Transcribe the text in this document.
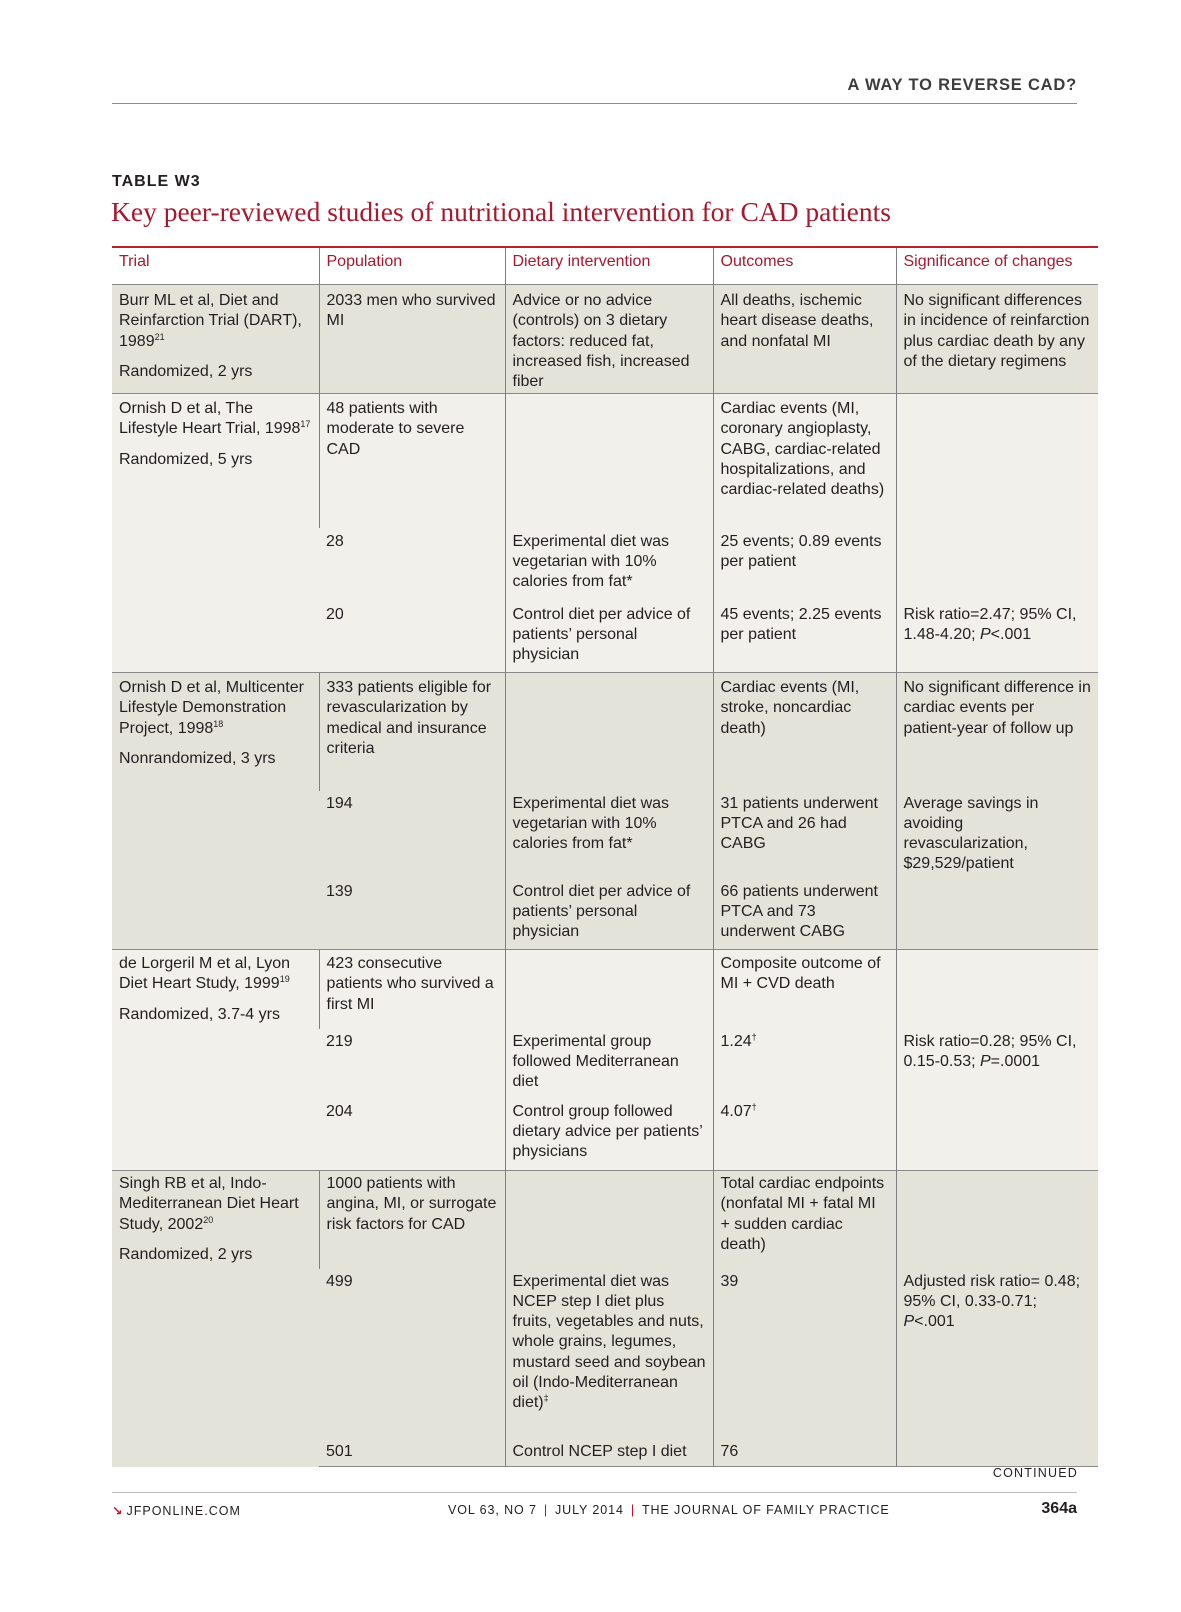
A WAY TO REVERSE CAD?
TABLE W3
Key peer-reviewed studies of nutritional intervention for CAD patients
Trial	Population	Dietary intervention	Outcomes	Significance of changes
Burr ML et al, Diet and Reinfarction Trial (DART), 1989$^{21}$
Randomized, 2 yrs	2033 men who survived MI	Advice or no advice (controls) on 3 dietary factors: reduced fat, increased fish, increased fiber	All deaths, ischemic heart disease deaths, and nonfatal MI	No significant differences in incidence of reinfarction plus cardiac death by any of the dietary regimens
Ornish D et al, The Lifestyle Heart Trial, 1998$^{17}$
Randomized, 5 yrs	48 patients with moderate to severe CAD		Cardiac events (MI, coronary angioplasty, CABG, cardiac-related hospitalizations, and cardiac-related deaths)	
	28	Experimental diet was vegetarian with 10% calories from fat*	25 events; 0.89 events per patient	
	20	Control diet per advice of patients’ personal physician	45 events; 2.25 events per patient	Risk ratio=2.47; 95% CI, 1.48-4.20; P<.001
Ornish D et al, Multicenter Lifestyle Demonstration Project, 1998$^{18}$
Nonrandomized, 3 yrs	333 patients eligible for revascularization by medical and insurance criteria		Cardiac events (MI, stroke, noncardiac death)	No significant difference in cardiac events per patient-year of follow up
	194	Experimental diet was vegetarian with 10% calories from fat*	31 patients underwent PTCA and 26 had CABG	Average savings in avoiding revascularization, $29,529/patient
	139	Control diet per advice of patients’ personal physician	66 patients underwent PTCA and 73 underwent CABG	
de Lorgeril M et al, Lyon Diet Heart Study, 1999$^{19}$
Randomized, 3.7-4 yrs	423 consecutive patients who survived a first MI		Composite outcome of MI + CVD death	
	219	Experimental group followed Mediterranean diet	1.24†	Risk ratio=0.28; 95% CI, 0.15-0.53; P=.0001
	204	Control group followed dietary advice per patients’ physicians	4.07†	
Singh RB et al, Indo-Mediterranean Diet Heart Study, 2002$^{20}$
Randomized, 2 yrs	1000 patients with angina, MI, or surrogate risk factors for CAD		Total cardiac endpoints (nonfatal MI + fatal MI + sudden cardiac death)	
	499	Experimental diet was NCEP step I diet plus fruits, vegetables and nuts, whole grains, legumes, mustard seed and soybean oil (Indo-Mediterranean diet)‡	39	Adjusted risk ratio= 0.48; 95% CI, 0.33-0.71; P<.001
	501	Control NCEP step I diet	76	
CONTINUED
↘ JFPONLINE.COM	VOL 63, NO 7 | JULY 2014 | THE JOURNAL OF FAMILY PRACTICE	364a
